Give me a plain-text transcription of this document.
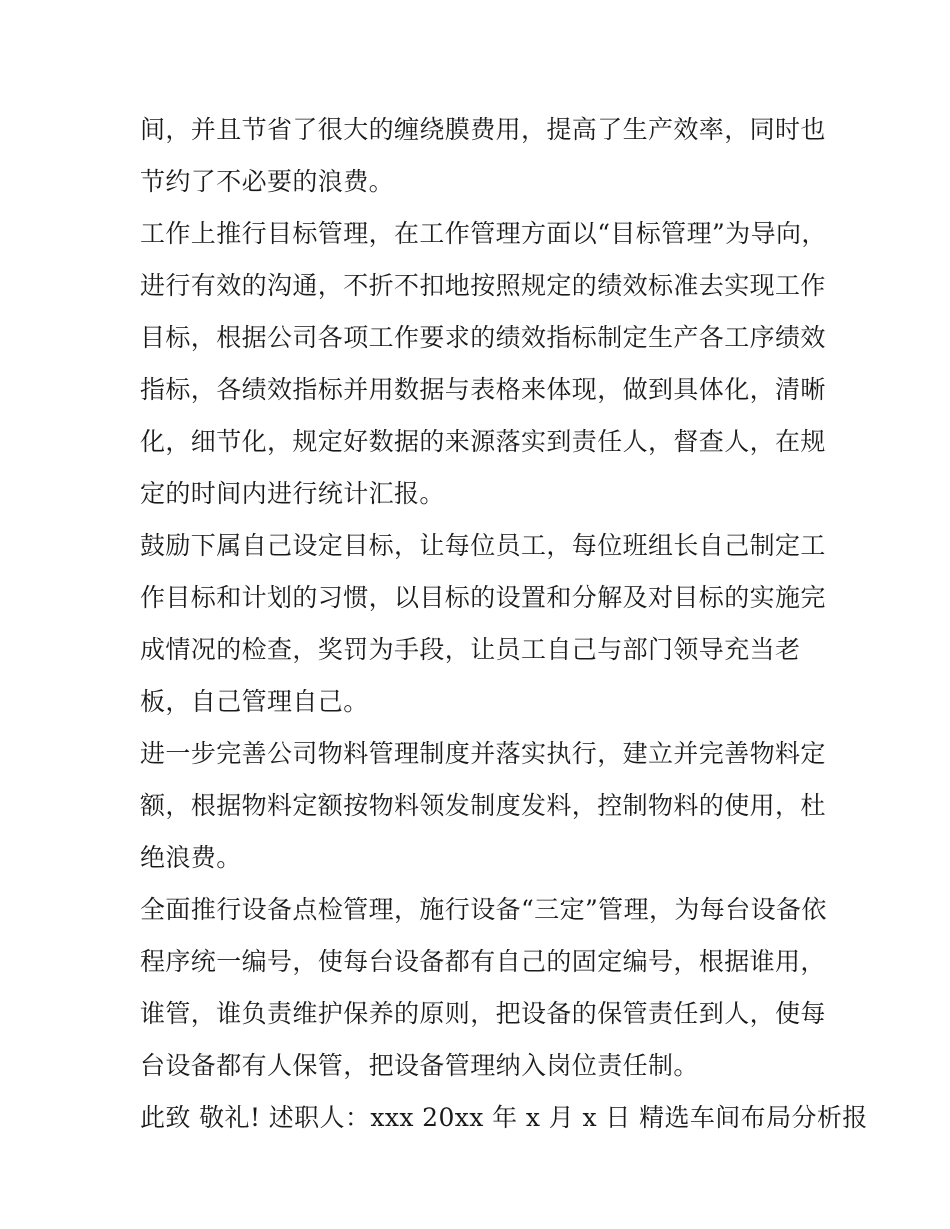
间，并且节省了很大的缠绕膜费用，提高了生产效率，同时也
节约了不必要的浪费。
工作上推行目标管理，在工作管理方面以“目标管理”为导向，
进行有效的沟通，不折不扣地按照规定的绩效标准去实现工作
目标，根据公司各项工作要求的绩效指标制定生产各工序绩效
指标，各绩效指标并用数据与表格来体现，做到具体化，清晰
化，细节化，规定好数据的来源落实到责任人，督查人，在规
定的时间内进行统计汇报。
鼓励下属自己设定目标，让每位员工，每位班组长自己制定工
作目标和计划的习惯，以目标的设置和分解及对目标的实施完
成情况的检查，奖罚为手段，让员工自己与部门领导充当老
板，自己管理自己。
进一步完善公司物料管理制度并落实执行，建立并完善物料定
额，根据物料定额按物料领发制度发料，控制物料的使用，杜
绝浪费。
全面推行设备点检管理，施行设备“三定”管理，为每台设备依
程序统一编号，使每台设备都有自己的固定编号，根据谁用，
谁管，谁负责维护保养的原则，把设备的保管责任到人，使每
台设备都有人保管，把设备管理纳入岗位责任制。
此致 敬礼! 述职人：xxx 20xx 年 x 月 x 日 精选车间布局分析报
